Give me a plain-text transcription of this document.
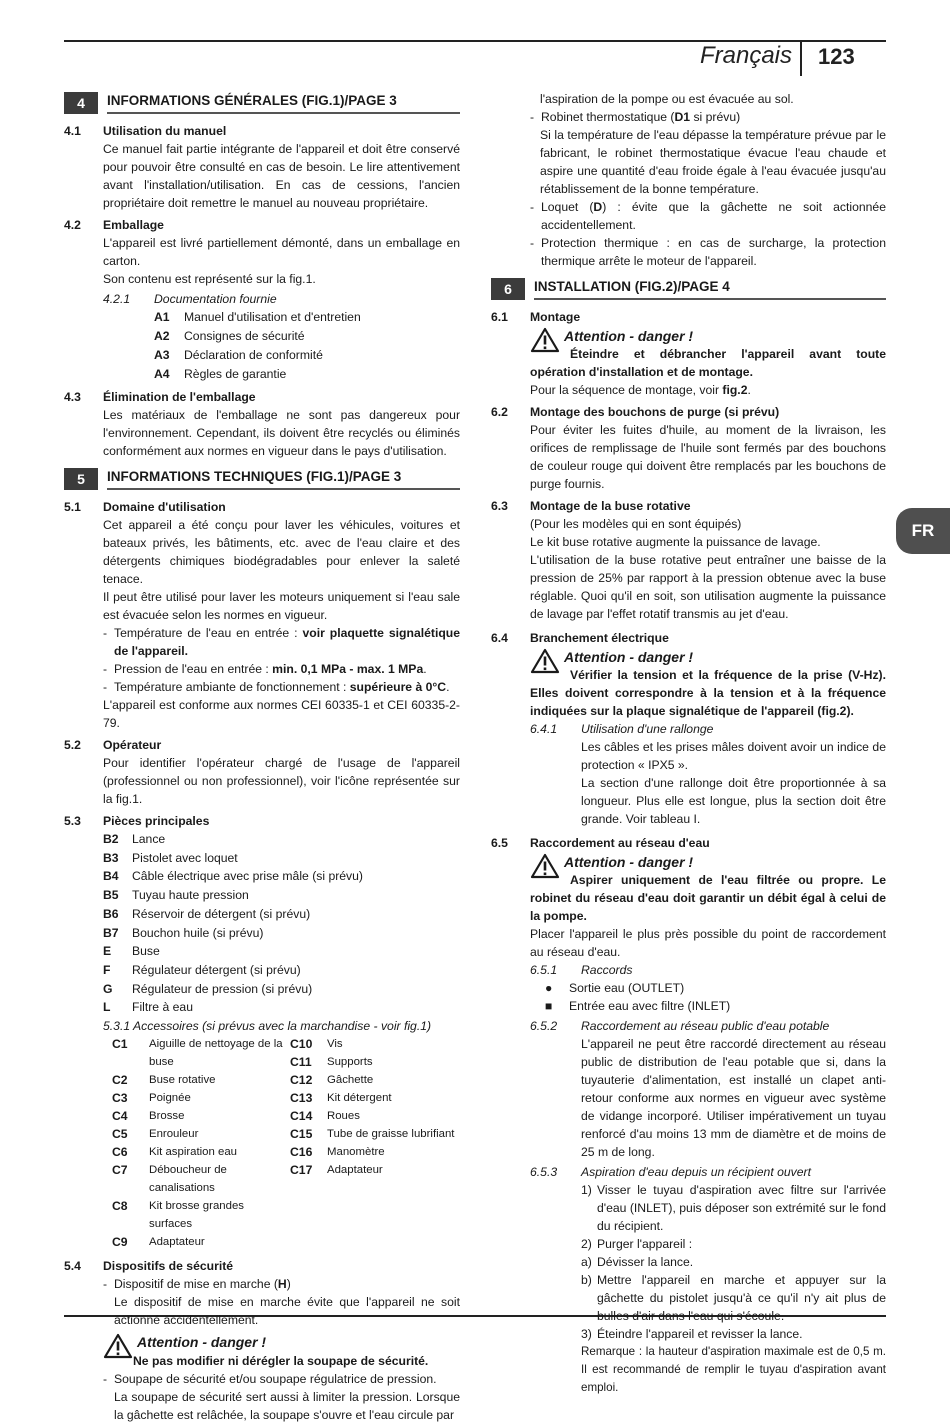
Français 123
FR
4	INFORMATIONS GÉNÉRALES (FIG.1)/PAGE 3
4.1	Utilisation du manuel
Ce manuel fait partie intégrante de l'appareil et doit être conservé pour pouvoir être consulté en cas de besoin. Le lire attentivement avant l'installation/utilisation. En cas de cessions, l'ancien propriétaire doit remettre le manuel au nouveau propriétaire.
4.2	Emballage
L'appareil est livré partiellement démonté, dans un emballage en carton.
Son contenu est représenté sur la fig.1.
4.2.1	Documentation fournie
A1	Manuel d'utilisation et d'entretien
A2	Consignes de sécurité
A3	Déclaration de conformité
A4	Règles de garantie
4.3	Élimination de l'emballage
Les matériaux de l'emballage ne sont pas dangereux pour l'environnement. Cependant, ils doivent être recyclés ou éliminés conformément aux normes en vigueur dans le pays d'utilisation.
5	INFORMATIONS TECHNIQUES (FIG.1)/PAGE 3
5.1	Domaine d'utilisation
Cet appareil a été conçu pour laver les véhicules, voitures et bateaux privés, les bâtiments, etc. avec de l'eau claire et des détergents chimiques biodégradables pour enlever la saleté tenace.
Il peut être utilisé pour laver les moteurs uniquement si l'eau sale est évacuée selon les normes en vigueur.
- Température de l'eau en entrée : voir plaquette signalétique de l'appareil.
- Pression de l'eau en entrée : min. 0,1 MPa - max. 1 MPa.
- Température ambiante de fonctionnement : supérieure à 0°C.
L'appareil est conforme aux normes CEI 60335-1 et CEI 60335-2-79.
5.2	Opérateur
Pour identifier l'opérateur chargé de l'usage de l'appareil (professionnel ou non professionnel), voir l'icône représentée sur la fig.1.
5.3	Pièces principales
B2	Lance
B3	Pistolet avec loquet
B4	Câble électrique avec prise mâle (si prévu)
B5	Tuyau haute pression
B6	Réservoir de détergent (si prévu)
B7	Bouchon huile (si prévu)
E	Buse
F	Régulateur détergent (si prévu)
G	Régulateur de pression (si prévu)
L	Filtre à eau
5.3.1 Accessoires (si prévus avec la marchandise - voir fig.1)
C1	Aiguille de nettoyage de la buse
C2	Buse rotative
C3	Poignée
C4	Brosse
C5	Enrouleur
C6	Kit aspiration eau
C7	Déboucheur de canalisations
C8	Kit brosse grandes surfaces
C9	Adaptateur
C10	Vis
C11	Supports
C12	Gâchette
C13	Kit détergent
C14	Roues
C15	Tube de graisse lubrifiant
C16	Manomètre
C17	Adaptateur
5.4	Dispositifs de sécurité
- Dispositif de mise en marche (H)
Le dispositif de mise en marche évite que l'appareil ne soit actionné accidentellement.
Attention - danger !
Ne pas modifier ni dérégler la soupape de sécurité.
- Soupape de sécurité et/ou soupape régulatrice de pression.
La soupape de sécurité sert aussi à limiter la pression. Lorsque la gâchette est relâchée, la soupape s'ouvre et l'eau circule par
l'aspiration de la pompe ou est évacuée au sol.
- Robinet thermostatique (D1 si prévu)
Si la température de l'eau dépasse la température prévue par le fabricant, le robinet thermostatique évacue l'eau chaude et aspire une quantité d'eau froide égale à l'eau évacuée jusqu'au rétablissement de la bonne température.
- Loquet (D) : évite que la gâchette ne soit actionnée accidentellement.
- Protection thermique : en cas de surcharge, la protection thermique arrête le moteur de l'appareil.
6	INSTALLATION (FIG.2)/PAGE 4
6.1	Montage
Attention - danger !
Éteindre et débrancher l'appareil avant toute opération d'installation et de montage.
Pour la séquence de montage, voir fig.2.
6.2	Montage des bouchons de purge (si prévu)
Pour éviter les fuites d'huile, au moment de la livraison, les orifices de remplissage de l'huile sont fermés par des bouchons de couleur rouge qui doivent être remplacés par les bouchons de purge fournis.
6.3	Montage de la buse rotative
(Pour les modèles qui en sont équipés)
Le kit buse rotative augmente la puissance de lavage.
L'utilisation de la buse rotative peut entraîner une baisse de la pression de 25% par rapport à la pression obtenue avec la buse réglable. Quoi qu'il en soit, son utilisation augmente la puissance de lavage par l'effet rotatif transmis au jet d'eau.
6.4	Branchement électrique
Attention - danger !
Vérifier la tension et la fréquence de la prise (V-Hz). Elles doivent correspondre à la tension et à la fréquence indiquées sur la plaque signalétique de l'appareil (fig.2).
6.4.1	Utilisation d'une rallonge
Les câbles et les prises mâles doivent avoir un indice de protection « IPX5 ».
La section d'une rallonge doit être proportionnée à sa longueur. Plus elle est longue, plus la section doit être grande. Voir tableau I.
6.5	Raccordement au réseau d'eau
Attention - danger !
Aspirer uniquement de l'eau filtrée ou propre. Le robinet du réseau d'eau doit garantir un débit égal à celui de la pompe.
Placer l'appareil le plus près possible du point de raccordement au réseau d'eau.
6.5.1	Raccords
●	Sortie eau (OUTLET)
■	Entrée eau avec filtre (INLET)
6.5.2	Raccordement au réseau public d'eau potable
L'appareil ne peut être raccordé directement au réseau public de distribution de l'eau potable que si, dans la tuyauterie d'alimentation, est installé un clapet anti-retour conforme aux normes en vigueur avec système de vidange incorporé. Utiliser impérativement un tuyau renforcé d'au moins 13 mm de diamètre et de moins de 25 m de long.
6.5.3	Aspiration d'eau depuis un récipient ouvert
1) Visser le tuyau d'aspiration avec filtre sur l'arrivée d'eau (INLET), puis déposer son extrémité sur le fond du récipient.
2) Purger l'appareil :
a) Dévisser la lance.
b) Mettre l'appareil en marche et appuyer sur la gâchette du pistolet jusqu'à ce qu'il n'y ait plus de bulles d'air dans l'eau qui s'écoule.
3) Éteindre l'appareil et revisser la lance.
Remarque : la hauteur d'aspiration maximale est de 0,5 m. Il est recommandé de remplir le tuyau d'aspiration avant emploi.
